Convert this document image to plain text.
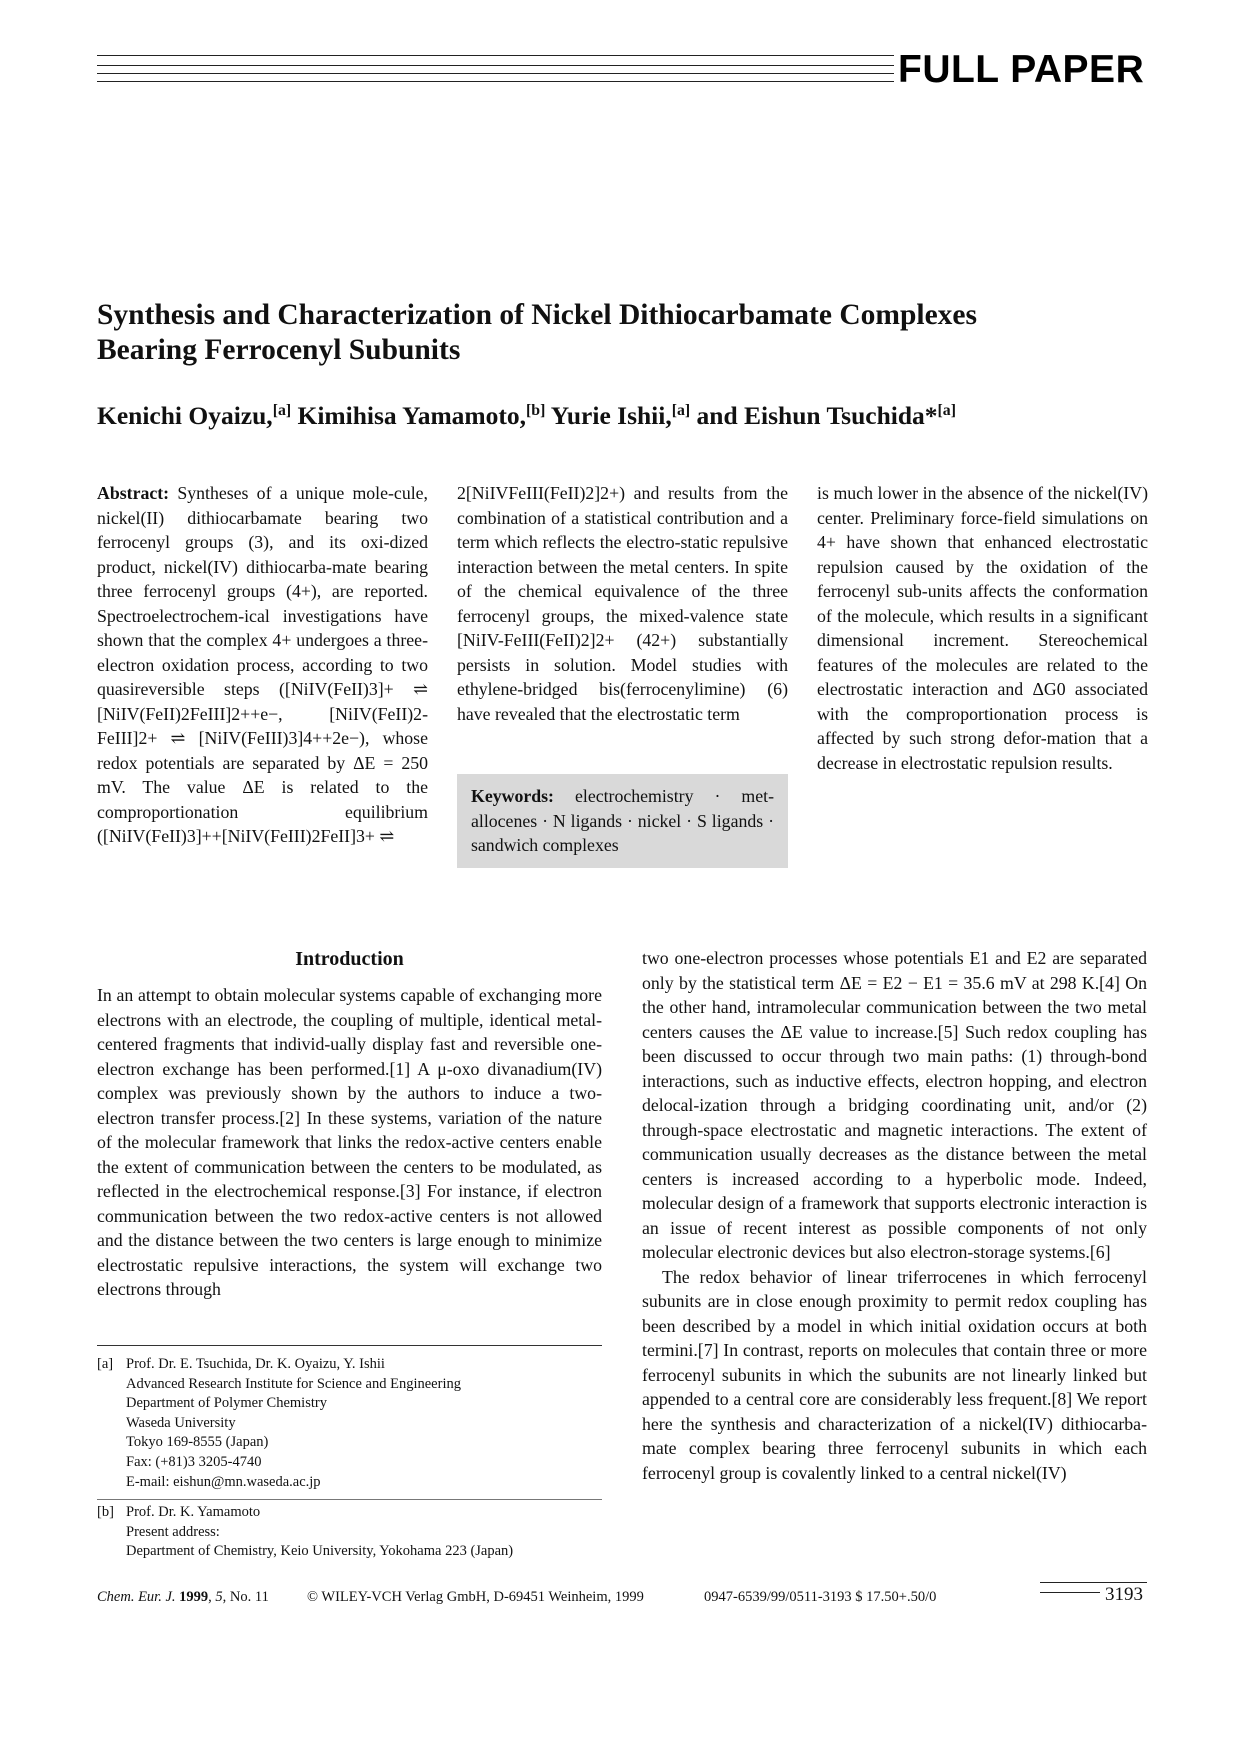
FULL PAPER
Synthesis and Characterization of Nickel Dithiocarbamate Complexes
Bearing Ferrocenyl Subunits
Kenichi Oyaizu,[a] Kimihisa Yamamoto,[b] Yurie Ishii,[a] and Eishun Tsuchida*[a]
Abstract: Syntheses of a unique mole-cule, nickel(II) dithiocarbamate bearing two ferrocenyl groups (3), and its oxi-dized product, nickel(IV) dithiocarba-mate bearing three ferrocenyl groups (4+), are reported. Spectroelectrochem-ical investigations have shown that the complex 4+ undergoes a three-electron oxidation process, according to two quasireversible steps ([NiIV(FeII)3]+ ⇌ [NiIV(FeII)2FeIII]2++e−, [NiIV(FeII)2-FeIII]2+ ⇌ [NiIV(FeIII)3]4++2e−), whose redox potentials are separated by ΔE = 250 mV. The value ΔE is related to the comproportionation equilibrium ([NiIV(FeII)3]++[NiIV(FeIII)2FeII]3+ ⇌
2[NiIVFeIII(FeII)2]2+) and results from the combination of a statistical contribution and a term which reflects the electro-static repulsive interaction between the metal centers. In spite of the chemical equivalence of the three ferrocenyl groups, the mixed-valence state [NiIV-FeIII(FeII)2]2+ (42+) substantially persists in solution. Model studies with ethylene-bridged bis(ferrocenylimine) (6) have revealed that the electrostatic term
Keywords: electrochemistry · met-allocenes · N ligands · nickel · S ligands · sandwich complexes
is much lower in the absence of the nickel(IV) center. Preliminary force-field simulations on 4+ have shown that enhanced electrostatic repulsion caused by the oxidation of the ferrocenyl sub-units affects the conformation of the molecule, which results in a significant dimensional increment. Stereochemical features of the molecules are related to the electrostatic interaction and ΔG0 associated with the comproportionation process is affected by such strong defor-mation that a decrease in electrostatic repulsion results.
Introduction

In an attempt to obtain molecular systems capable of exchanging more electrons with an electrode, the coupling of multiple, identical metal-centered fragments that individ-ually display fast and reversible one-electron exchange has been performed.[1] A μ-oxo divanadium(IV) complex was previously shown by the authors to induce a two-electron transfer process.[2] In these systems, variation of the nature of the molecular framework that links the redox-active centers enable the extent of communication between the centers to be modulated, as reflected in the electrochemical response.[3] For instance, if electron communication between the two redox-active centers is not allowed and the distance between the two centers is large enough to minimize electrostatic repulsive interactions, the system will exchange two electrons through

two one-electron processes whose potentials E1 and E2 are separated only by the statistical term ΔE = E2 − E1 = 35.6 mV at 298 K.[4] On the other hand, intramolecular communication between the two metal centers causes the ΔE value to increase.[5] Such redox coupling has been discussed to occur through two main paths: (1) through-bond interactions, such as inductive effects, electron hopping, and electron delocal-ization through a bridging coordinating unit, and/or (2) through-space electrostatic and magnetic interactions. The extent of communication usually decreases as the distance between the metal centers is increased according to a hyperbolic mode. Indeed, molecular design of a framework that supports electronic interaction is an issue of recent interest as possible components of not only molecular electronic devices but also electron-storage systems.[6]

The redox behavior of linear triferrocenes in which ferrocenyl subunits are in close enough proximity to permit redox coupling has been described by a model in which initial oxidation occurs at both termini.[7] In contrast, reports on molecules that contain three or more ferrocenyl subunits in which the subunits are not linearly linked but appended to a central core are considerably less frequent.[8] We report here the synthesis and characterization of a nickel(IV) dithiocarba-mate complex bearing three ferrocenyl subunits in which each ferrocenyl group is covalently linked to a central nickel(IV)

[a] Prof. Dr. E. Tsuchida, Dr. K. Oyaizu, Y. Ishii
Advanced Research Institute for Science and Engineering
Department of Polymer Chemistry
Waseda University
Tokyo 169-8555 (Japan)
Fax: (+81)3 3205-4740
E-mail: eishun@mn.waseda.ac.jp
[b] Prof. Dr. K. Yamamoto
Present address:
Department of Chemistry, Keio University, Yokohama 223 (Japan)
Chem. Eur. J. 1999, 5, No. 11	© WILEY-VCH Verlag GmbH, D-69451 Weinheim, 1999	0947-6539/99/0511-3193 $ 17.50+.50/0	3193
